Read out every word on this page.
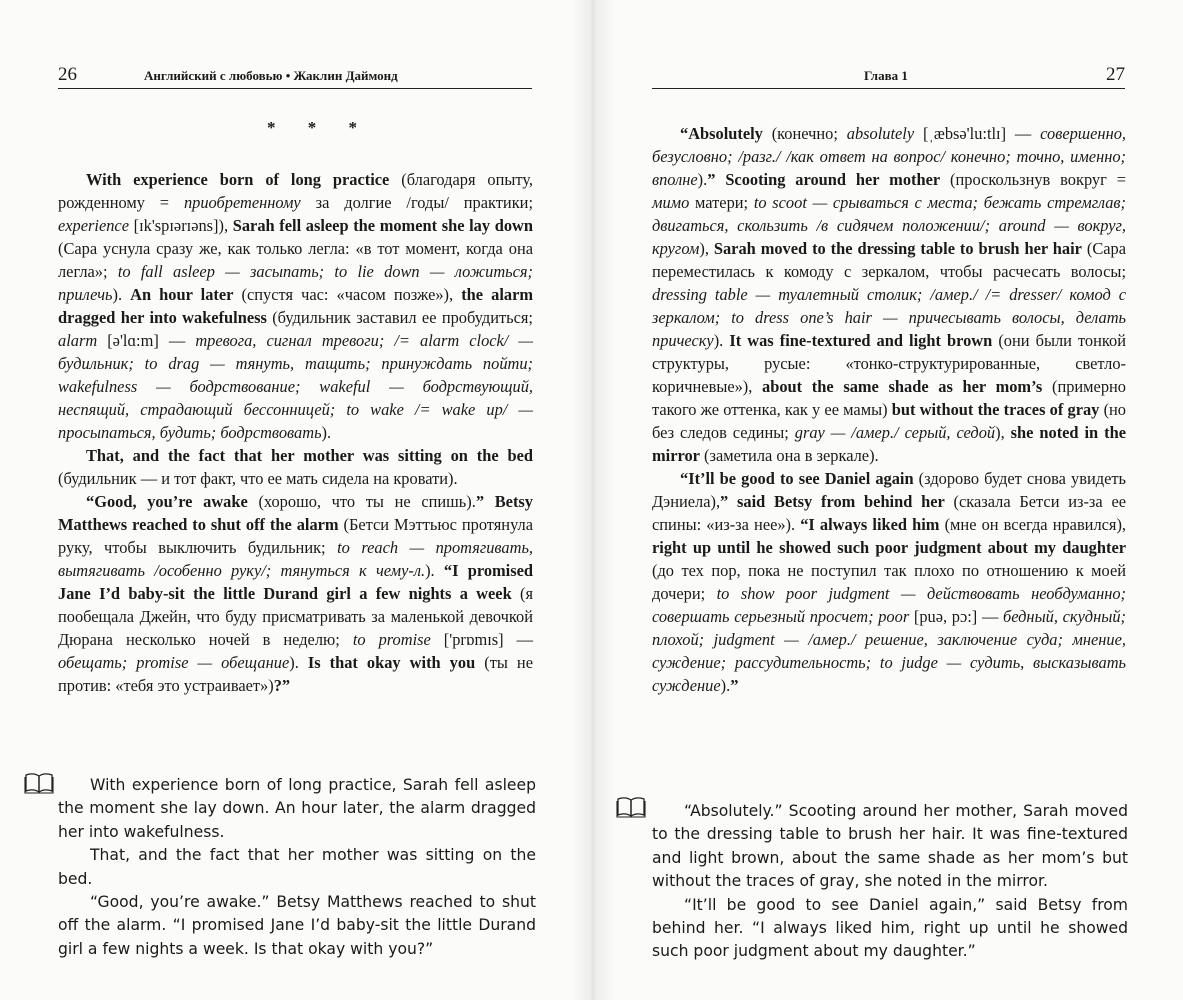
26	Английский с любовью • Жаклин Даймонд
* * *

With experience born of long practice (благодаря опыту, рожденному = приобретенному за долгие /годы/ практики; experience [ɪk'spɪərɪəns]), Sarah fell asleep the moment she lay down (Сара уснула сразу же, как только легла: «в тот момент, когда она легла»; to fall asleep — засыпать; to lie down — ложиться; прилечь). An hour later (спустя час: «часом позже»), the alarm dragged her into wakefulness (будильник заставил ее пробудиться; alarm [ə'lɑ:m] — тревога, сигнал тревоги; /= alarm clock/ — будильник; to drag — тянуть, тащить; принуждать пойти; wakefulness — бодрствование; wakeful — бодрствующий, неспящий, страдающий бессонницей; to wake /= wake up/ — просыпаться, будить; бодрствовать).

That, and the fact that her mother was sitting on the bed (будильник — и тот факт, что ее мать сидела на кровати).

“Good, you’re awake (хорошо, что ты не спишь).” Betsy Matthews reached to shut off the alarm (Бетси Мэттьюс протянула руку, чтобы выключить будильник; to reach — протягивать, вытягивать /особенно руку/; тянуться к чему-л.). “I promised Jane I’d baby-sit the little Durand girl a few nights a week (я пообещала Джейн, что буду присматривать за маленькой девочкой Дюрана несколько ночей в неделю; to promise ['prɒmɪs] — обещать; promise — обещание). Is that okay with you (ты не против: «тебя это устраивает»)?”

With experience born of long practice, Sarah fell asleep the moment she lay down. An hour later, the alarm dragged her into wakefulness.

That, and the fact that her mother was sitting on the bed.

“Good, you’re awake.” Betsy Matthews reached to shut off the alarm. “I promised Jane I’d baby-sit the little Durand girl a few nights a week. Is that okay with you?”

Глава 1	27

“Absolutely (конечно; absolutely [ˌæbsə'lu:tlɪ] — совершенно, безусловно; /разг./ /как ответ на вопрос/ конечно; точно, именно; вполне).” Scooting around her mother (проскользнув вокруг = мимо матери; to scoot — срываться с места; бежать стремглав; двигаться, скользить /в сидячем положении/; around — вокруг, кругом), Sarah moved to the dressing table to brush her hair (Сара переместилась к комоду с зеркалом, чтобы расчесать волосы; dressing table — туалетный столик; /амер./ /= dresser/ комод с зеркалом; to dress one’s hair — причесывать волосы, делать прическу). It was fine-textured and light brown (они были тонкой структуры, русые: «тонко-структурированные, светло-коричневые»), about the same shade as her mom’s (примерно такого же оттенка, как у ее мамы) but without the traces of gray (но без следов седины; gray — /амер./ серый, седой), she noted in the mirror (заметила она в зеркале).

“It’ll be good to see Daniel again (здорово будет снова увидеть Дэниела),” said Betsy from behind her (сказала Бетси из-за ее спины: «из-за нее»). “I always liked him (мне он всегда нравился), right up until he showed such poor judgment about my daughter (до тех пор, пока не поступил так плохо по отношению к моей дочери; to show poor judgment — действовать необдуманно; совершать серьезный просчет; poor [puə, pɔ:] — бедный, скудный; плохой; judgment — /амер./ решение, заключение суда; мнение, суждение; рассудительность; to judge — судить, высказывать суждение).”

“Absolutely.” Scooting around her mother, Sarah moved to the dressing table to brush her hair. It was fine-textured and light brown, about the same shade as her mom’s but without the traces of gray, she noted in the mirror.

“It’ll be good to see Daniel again,” said Betsy from behind her. “I always liked him, right up until he showed such poor judgment about my daughter.”
